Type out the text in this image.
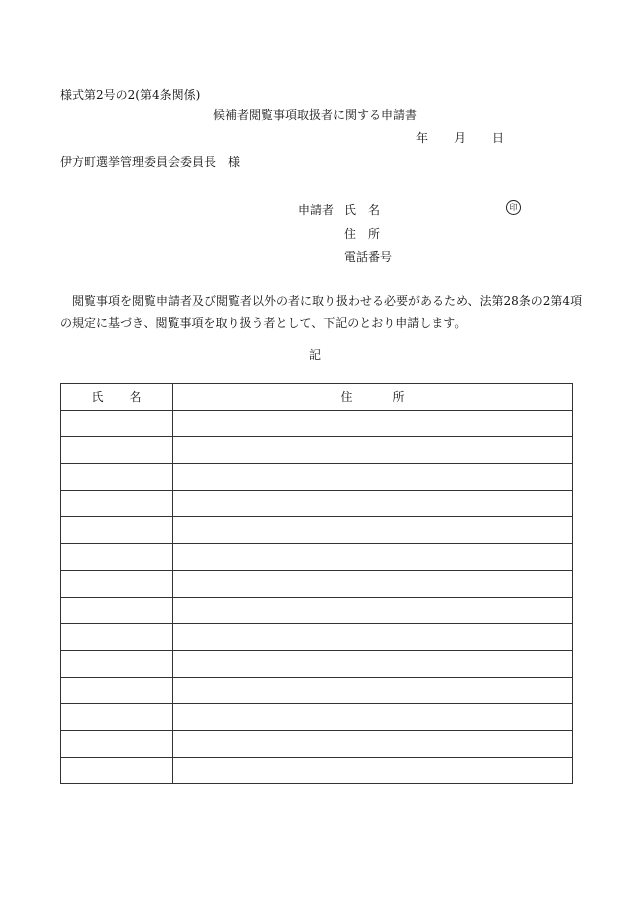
様式第2号の2(第4条関係)
候補者閲覧事項取扱者に関する申請書
年 月 日
伊方町選挙管理委員会委員長　様
申請者 氏名	印
住所
電話番号
閲覧事項を閲覧申請者及び閲覧者以外の者に取り扱わせる必要があるため、法第28条の2第4項
の規定に基づき、閲覧事項を取り扱う者として、下記のとおり申請します。
記
氏名	住所
